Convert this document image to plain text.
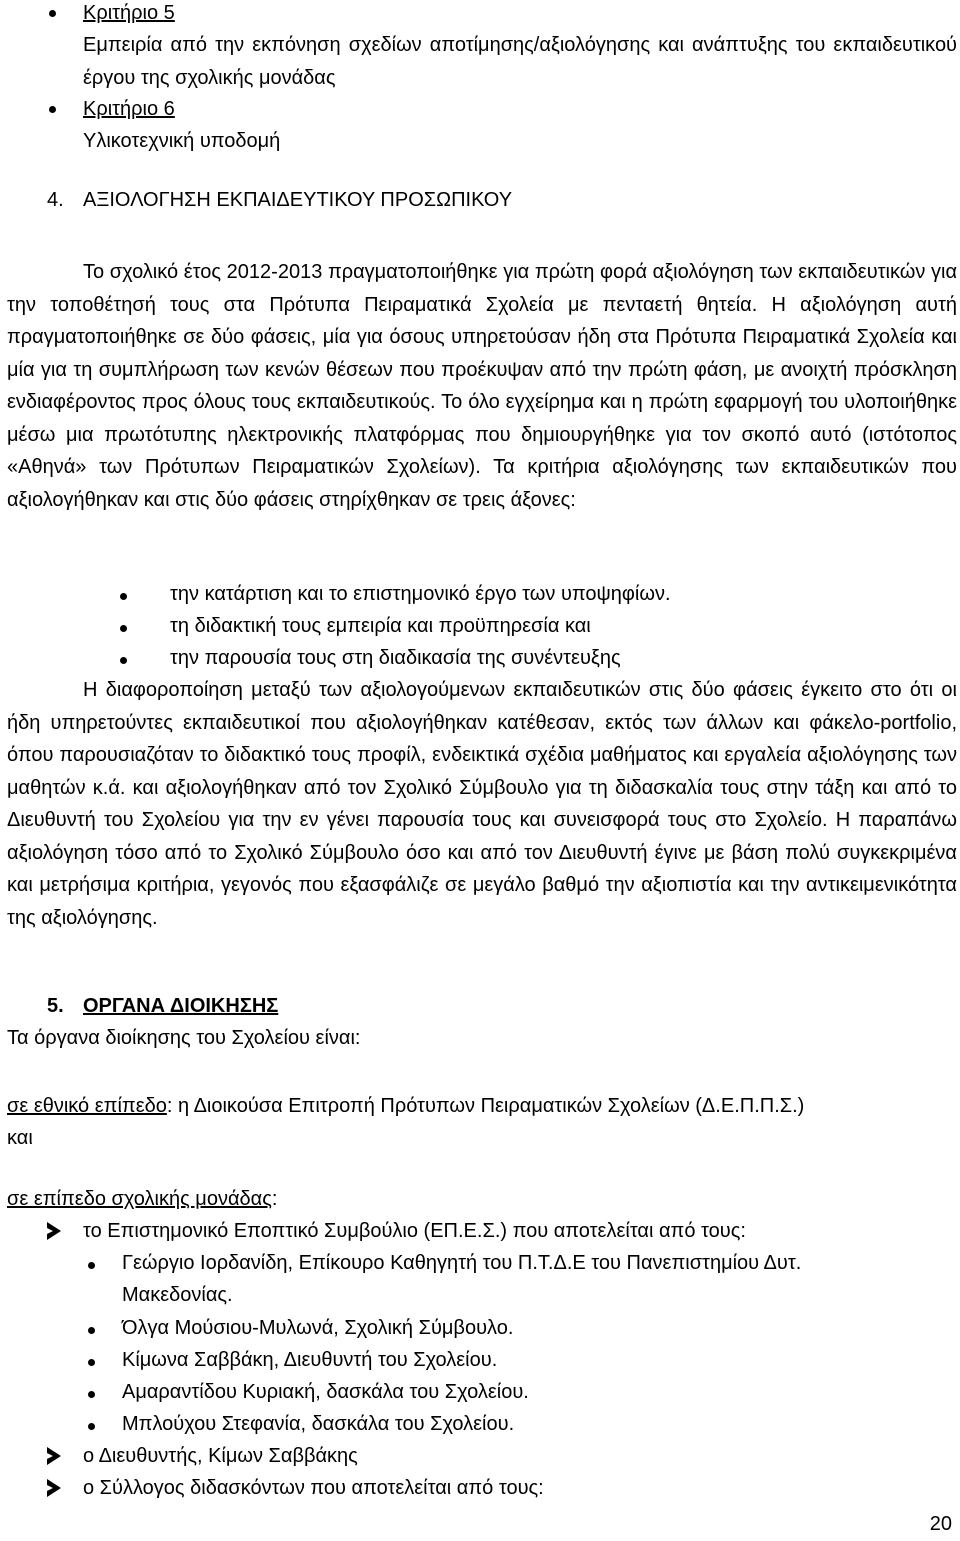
Κριτήριο 5
Εμπειρία από την εκπόνηση σχεδίων αποτίμησης/αξιολόγησης και ανάπτυξης του εκπαιδευτικού έργου της σχολικής μονάδας
Κριτήριο 6
Υλικοτεχνική υποδομή
4. ΑΞΙΟΛΟΓΗΣΗ ΕΚΠΑΙΔΕΥΤΙΚΟΥ ΠΡΟΣΩΠΙΚΟΥ
Το σχολικό έτος 2012-2013 πραγματοποιήθηκε για πρώτη φορά αξιολόγηση των εκπαιδευτικών για την τοποθέτησή τους στα Πρότυπα Πειραματικά Σχολεία με πενταετή θητεία. Η αξιολόγηση αυτή πραγματοποιήθηκε σε δύο φάσεις, μία για όσους υπηρετούσαν ήδη στα Πρότυπα Πειραματικά Σχολεία και μία για τη συμπλήρωση των κενών θέσεων που προέκυψαν από την πρώτη φάση, με ανοιχτή πρόσκληση ενδιαφέροντος προς όλους τους εκπαιδευτικούς. Το όλο εγχείρημα και η πρώτη εφαρμογή του υλοποιήθηκε μέσω μια πρωτότυπης ηλεκτρονικής πλατφόρμας που δημιουργήθηκε για τον σκοπό αυτό (ιστότοπος «Αθηνά» των Πρότυπων Πειραματικών Σχολείων). Τα κριτήρια αξιολόγησης των εκπαιδευτικών που αξιολογήθηκαν και στις δύο φάσεις στηρίχθηκαν σε τρεις άξονες:
την κατάρτιση και το επιστημονικό έργο των υποψηφίων.
τη διδακτική τους εμπειρία και προϋπηρεσία και
την παρουσία τους στη διαδικασία της συνέντευξης
Η διαφοροποίηση μεταξύ των αξιολογούμενων εκπαιδευτικών στις δύο φάσεις έγκειτο στο ότι οι ήδη υπηρετούντες εκπαιδευτικοί που αξιολογήθηκαν κατέθεσαν, εκτός των άλλων και φάκελο-portfolio, όπου παρουσιαζόταν το διδακτικό τους προφίλ, ενδεικτικά σχέδια μαθήματος και εργαλεία αξιολόγησης των μαθητών κ.ά. και αξιολογήθηκαν από τον Σχολικό Σύμβουλο για τη διδασκαλία τους στην τάξη και από το Διευθυντή του Σχολείου για την εν γένει παρουσία τους και συνεισφορά τους στο Σχολείο. Η παραπάνω αξιολόγηση τόσο από το Σχολικό Σύμβουλο όσο και από τον Διευθυντή έγινε με βάση πολύ συγκεκριμένα και μετρήσιμα κριτήρια, γεγονός που εξασφάλιζε σε μεγάλο βαθμό την αξιοπιστία και την αντικειμενικότητα της αξιολόγησης.
5. ΟΡΓΑΝΑ ΔΙΟΙΚΗΣΗΣ
Τα όργανα διοίκησης του Σχολείου είναι:
σε εθνικό επίπεδο: η Διοικούσα Επιτροπή Πρότυπων Πειραματικών Σχολείων (Δ.Ε.Π.Π.Σ.)
και
σε επίπεδο σχολικής μονάδας:
το Επιστημονικό Εποπτικό Συμβούλιο (ΕΠ.Ε.Σ.) που αποτελείται από τους:
Γεώργιο Ιορδανίδη, Επίκουρο Καθηγητή του Π.Τ.Δ.Ε του Πανεπιστημίου Δυτ.
Μακεδονίας.
Όλγα Μούσιου-Μυλωνά, Σχολική Σύμβουλο.
Κίμωνα Σαββάκη, Διευθυντή του Σχολείου.
Αμαραντίδου Κυριακή, δασκάλα του Σχολείου.
Μπλούχου Στεφανία, δασκάλα του Σχολείου.
ο Διευθυντής, Κίμων Σαββάκης
ο Σύλλογος διδασκόντων που αποτελείται από τους:
20
